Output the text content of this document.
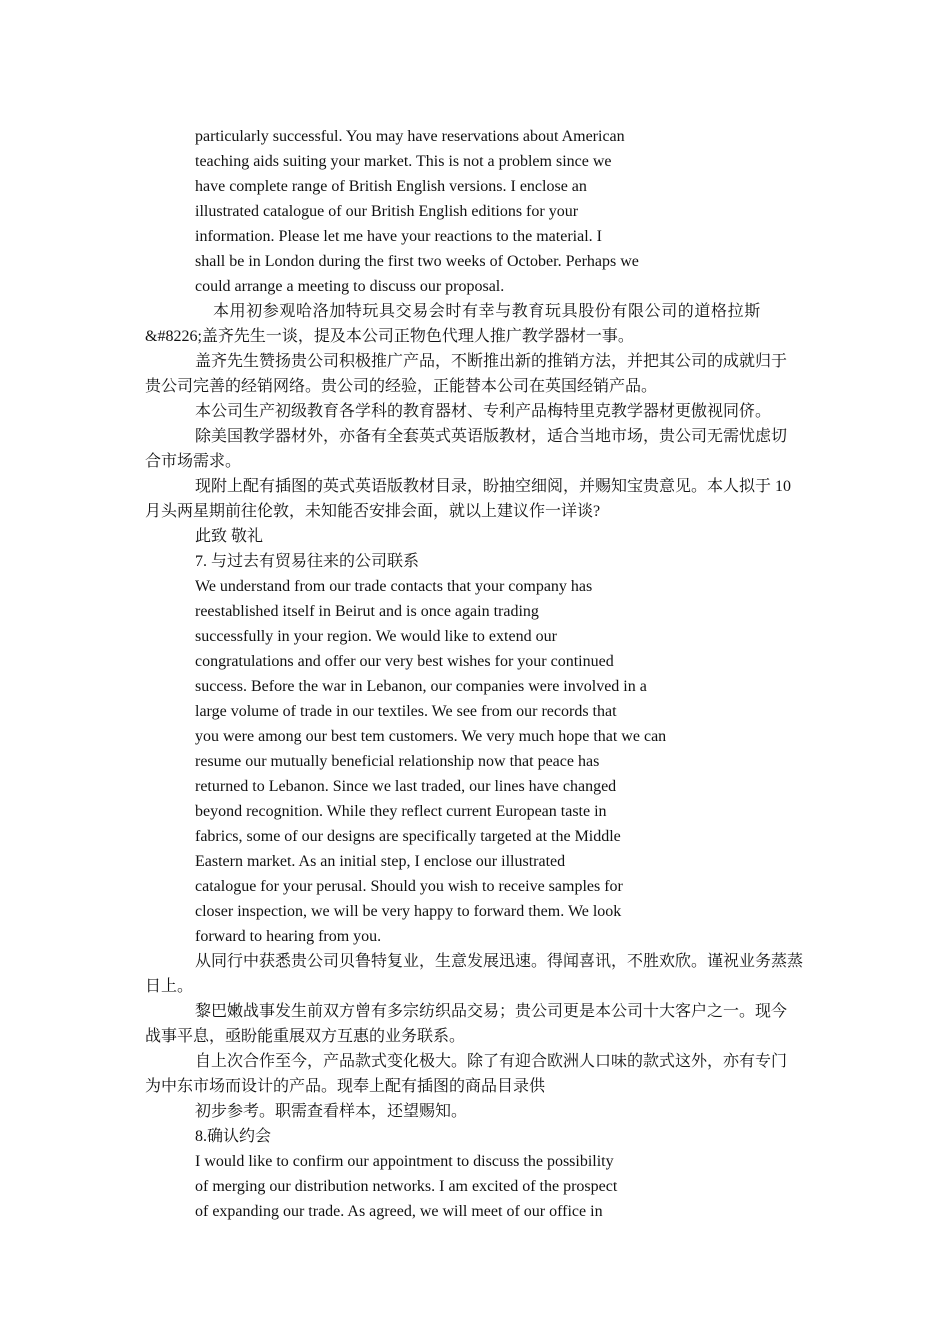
particularly successful. You may have reservations about American
teaching aids suiting your market. This is not a problem since we
have complete range of British English versions. I enclose an
illustrated catalogue of our British English editions for your
information. Please let me have your reactions to the material. I
shall be in London during the first two weeks of October. Perhaps we
could arrange a meeting to discuss our proposal.
本用初参观哈洛加特玩具交易会时有幸与教育玩具股份有限公司的道格拉斯
&#8226;盖齐先生一谈，提及本公司正物色代理人推广教学器材一事。
盖齐先生赞扬贵公司积极推广产品，不断推出新的推销方法，并把其公司的成就归于
贵公司完善的经销网络。贵公司的经验，正能替本公司在英国经销产品。
本公司生产初级教育各学科的教育器材、专利产品梅特里克教学器材更傲视同侪。
除美国教学器材外，亦备有全套英式英语版教材，适合当地市场，贵公司无需忧虑切
合市场需求。
现附上配有插图的英式英语版教材目录，盼抽空细阅，并赐知宝贵意见。本人拟于 10
月头两星期前往伦敦，未知能否安排会面，就以上建议作一详谈?
此致 敬礼
7. 与过去有贸易往来的公司联系
We understand from our trade contacts that your company has
reestablished itself in Beirut and is once again trading
successfully in your region. We would like to extend our
congratulations and offer our very best wishes for your continued
success. Before the war in Lebanon, our companies were involved in a
large volume of trade in our textiles. We see from our records that
you were among our best tem customers. We very much hope that we can
resume our mutually beneficial relationship now that peace has
returned to Lebanon. Since we last traded, our lines have changed
beyond recognition. While they reflect current European taste in
fabrics, some of our designs are specifically targeted at the Middle
Eastern market. As an initial step, I enclose our illustrated
catalogue for your perusal. Should you wish to receive samples for
closer inspection, we will be very happy to forward them. We look
forward to hearing from you.
从同行中获悉贵公司贝鲁特复业，生意发展迅速。得闻喜讯，不胜欢欣。谨祝业务蒸蒸
日上。
黎巴嫩战事发生前双方曾有多宗纺织品交易；贵公司更是本公司十大客户之一。现今
战事平息，亟盼能重展双方互惠的业务联系。
自上次合作至今，产品款式变化极大。除了有迎合欧洲人口味的款式这外，亦有专门
为中东市场而设计的产品。现奉上配有插图的商品目录供
初步参考。职需查看样本，还望赐知。
8.确认约会
I would like to confirm our appointment to discuss the possibility
of merging our distribution networks. I am excited of the prospect
of expanding our trade. As agreed, we will meet of our office in
